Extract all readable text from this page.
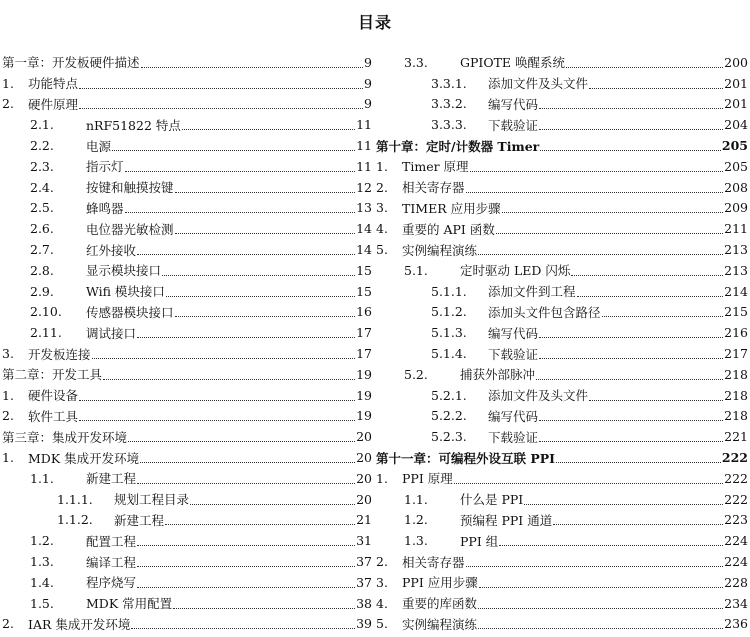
目录
第一章：开发板硬件描述	9
1.	功能特点	9
2.	硬件原理	9
2.1.	nRF51822 特点	11
2.2.	电源	11
2.3.	指示灯	11
2.4.	按键和触摸按键	12
2.5.	蜂鸣器	13
2.6.	电位器光敏检测	14
2.7.	红外接收	14
2.8.	显示模块接口	15
2.9.	Wifi 模块接口	15
2.10.	传感器模块接口	16
2.11.	调试接口	17
3.	开发板连接	17
第二章：开发工具	19
1.	硬件设备	19
2.	软件工具	19
第三章：集成开发环境	20
1.	MDK 集成开发环境	20
1.1.	新建工程	20
1.1.1.	规划工程目录	20
1.1.2.	新建工程	21
1.2.	配置工程	31
1.3.	编译工程	37
1.4.	程序烧写	37
1.5.	MDK 常用配置	38
2.	IAR 集成开发环境	39
3.3.	GPIOTE 唤醒系统	200
3.3.1.	添加文件及头文件	201
3.3.2.	编写代码	201
3.3.3.	下载验证	204
第十章：定时/计数器 Timer	205
1.	Timer 原理	205
2.	相关寄存器	208
3.	TIMER 应用步骤	209
4.	重要的 API 函数	211
5.	实例编程演练	213
5.1.	定时驱动 LED 闪烁	213
5.1.1.	添加文件到工程	214
5.1.2.	添加头文件包含路径	215
5.1.3.	编写代码	216
5.1.4.	下载验证	217
5.2.	捕获外部脉冲	218
5.2.1.	添加文件及头文件	218
5.2.2.	编写代码	218
5.2.3.	下载验证	221
第十一章：可编程外设互联 PPI	222
1.	PPI 原理	222
1.1.	什么是 PPI	222
1.2.	预编程 PPI 通道	223
1.3.	PPI 组	224
2.	相关寄存器	224
3.	PPI 应用步骤	228
4.	重要的库函数	234
5.	实例编程演练	236
